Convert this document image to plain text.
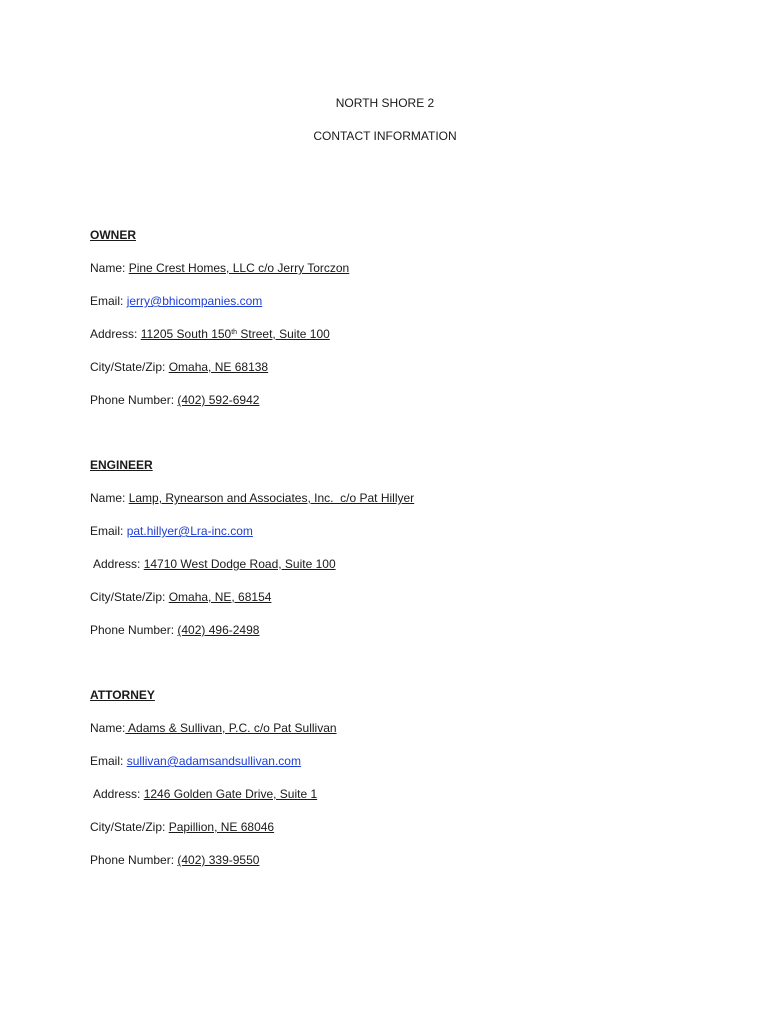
NORTH SHORE 2
CONTACT INFORMATION
OWNER
Name: Pine Crest Homes, LLC c/o Jerry Torczon
Email: jerry@bhicompanies.com
Address: 11205 South 150th Street, Suite 100
City/State/Zip: Omaha, NE 68138
Phone Number: (402) 592-6942
ENGINEER
Name: Lamp, Rynearson and Associates, Inc.  c/o Pat Hillyer
Email: pat.hillyer@Lra-inc.com
Address: 14710 West Dodge Road, Suite 100
City/State/Zip: Omaha, NE, 68154
Phone Number: (402) 496-2498
ATTORNEY
Name: Adams & Sullivan, P.C. c/o Pat Sullivan
Email: sullivan@adamsandsullivan.com
Address: 1246 Golden Gate Drive, Suite 1
City/State/Zip: Papillion, NE 68046
Phone Number: (402) 339-9550
